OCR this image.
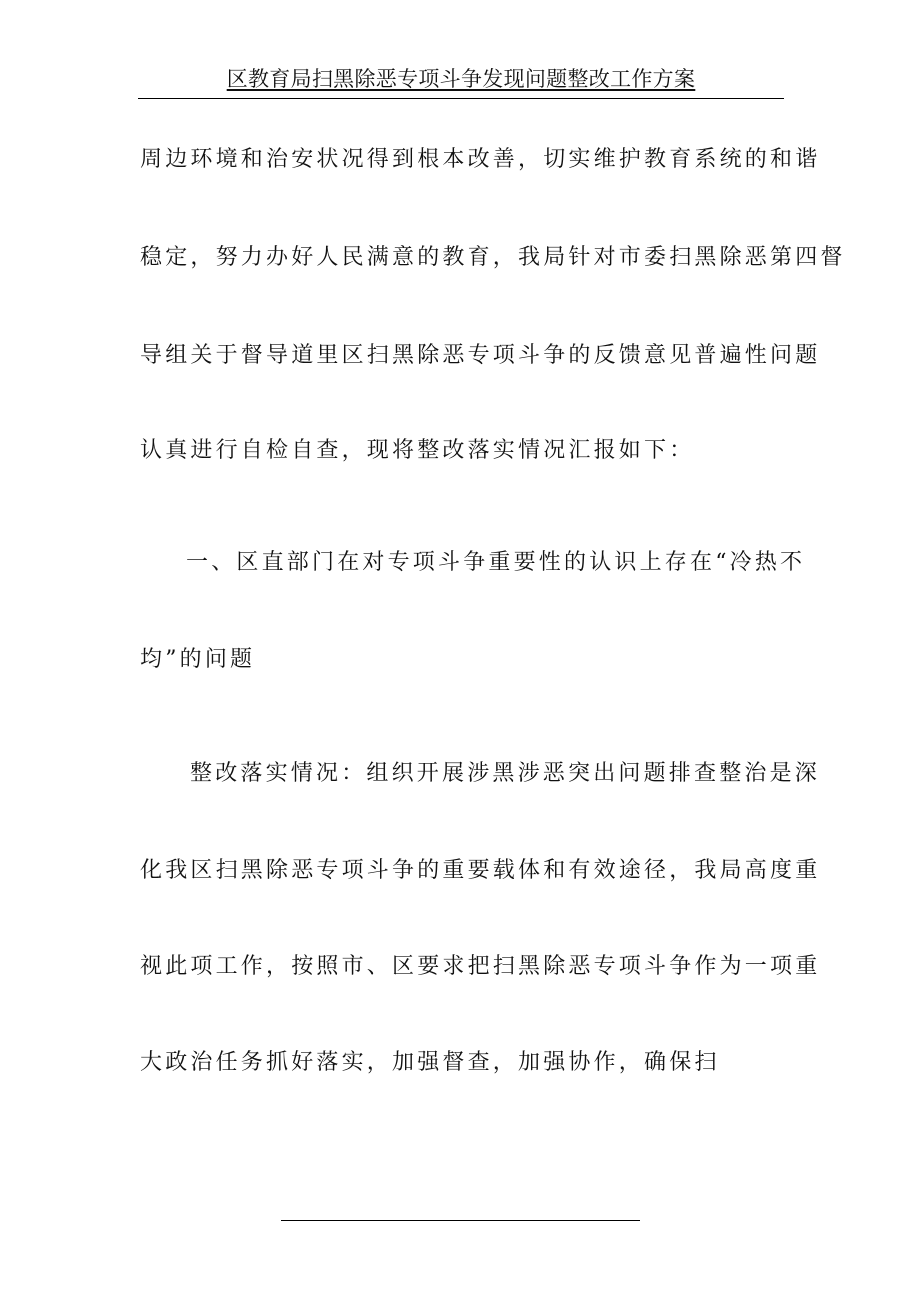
区教育局扫黑除恶专项斗争发现问题整改工作方案
周边环境和治安状况得到根本改善，切实维护教育系统的和谐
稳定，努力办好人民满意的教育，我局针对市委扫黑除恶第四督
导组关于督导道里区扫黑除恶专项斗争的反馈意见普遍性问题
认真进行自检自查，现将整改落实情况汇报如下：
一、区直部门在对专项斗争重要性的认识上存在“冷热不
均”的问题
整改落实情况：组织开展涉黑涉恶突出问题排查整治是深
化我区扫黑除恶专项斗争的重要载体和有效途径，我局高度重
视此项工作，按照市、区要求把扫黑除恶专项斗争作为一项重
大政治任务抓好落实，加强督查，加强协作，确保扫
